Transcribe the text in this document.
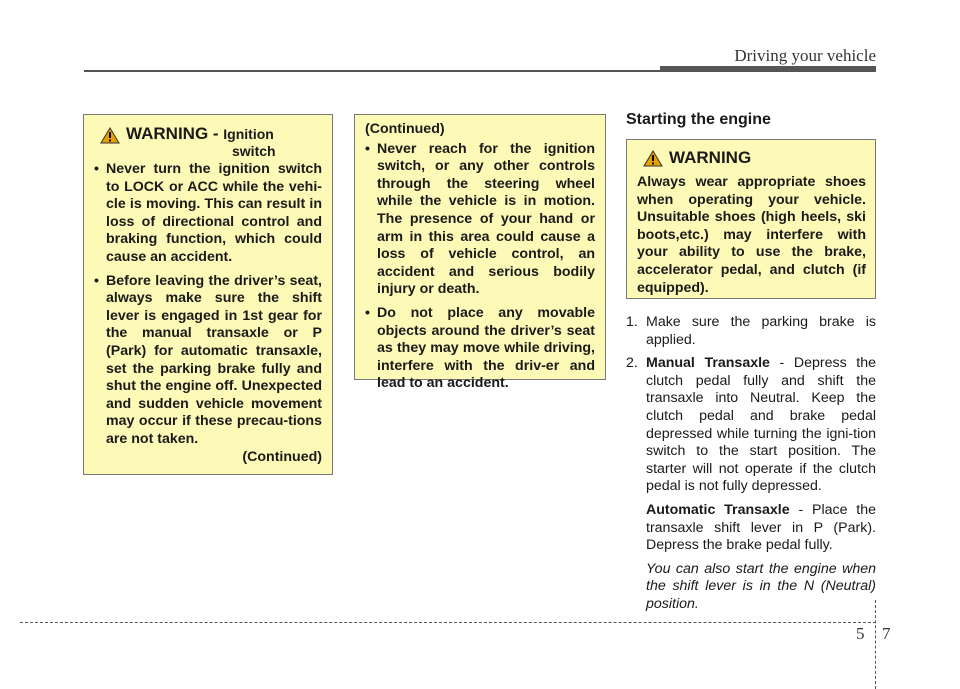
Driving your vehicle
WARNING - Ignition
switch
• Never turn the ignition switch to LOCK or ACC while the vehi-cle is moving. This can result in loss of directional control and braking function, which could cause an accident.
• Before leaving the driver’s seat, always make sure the shift lever is engaged in 1st gear for the manual transaxle or P (Park) for automatic transaxle, set the parking brake fully and shut the engine off. Unexpected and sudden vehicle movement may occur if these precau-tions are not taken.
(Continued)
(Continued)
• Never reach for the ignition switch, or any other controls through the steering wheel while the vehicle is in motion. The presence of your hand or arm in this area could cause a loss of vehicle control, an accident and serious bodily injury or death.
• Do not place any movable objects around the driver’s seat as they may move while driving, interfere with the driv-er and lead to an accident.
Starting the engine
WARNING
Always wear appropriate shoes when operating your vehicle. Unsuitable shoes (high heels, ski boots,etc.) may interfere with your ability to use the brake, accelerator pedal, and clutch (if equipped).
1. Make sure the parking brake is applied.
2. Manual Transaxle - Depress the clutch pedal fully and shift the transaxle into Neutral. Keep the clutch pedal and brake pedal depressed while turning the igni-tion switch to the start position. The starter will not operate if the clutch pedal is not fully depressed.

Automatic Transaxle - Place the transaxle shift lever in P (Park). Depress the brake pedal fully.

You can also start the engine when the shift lever is in the N (Neutral) position.

5 7
